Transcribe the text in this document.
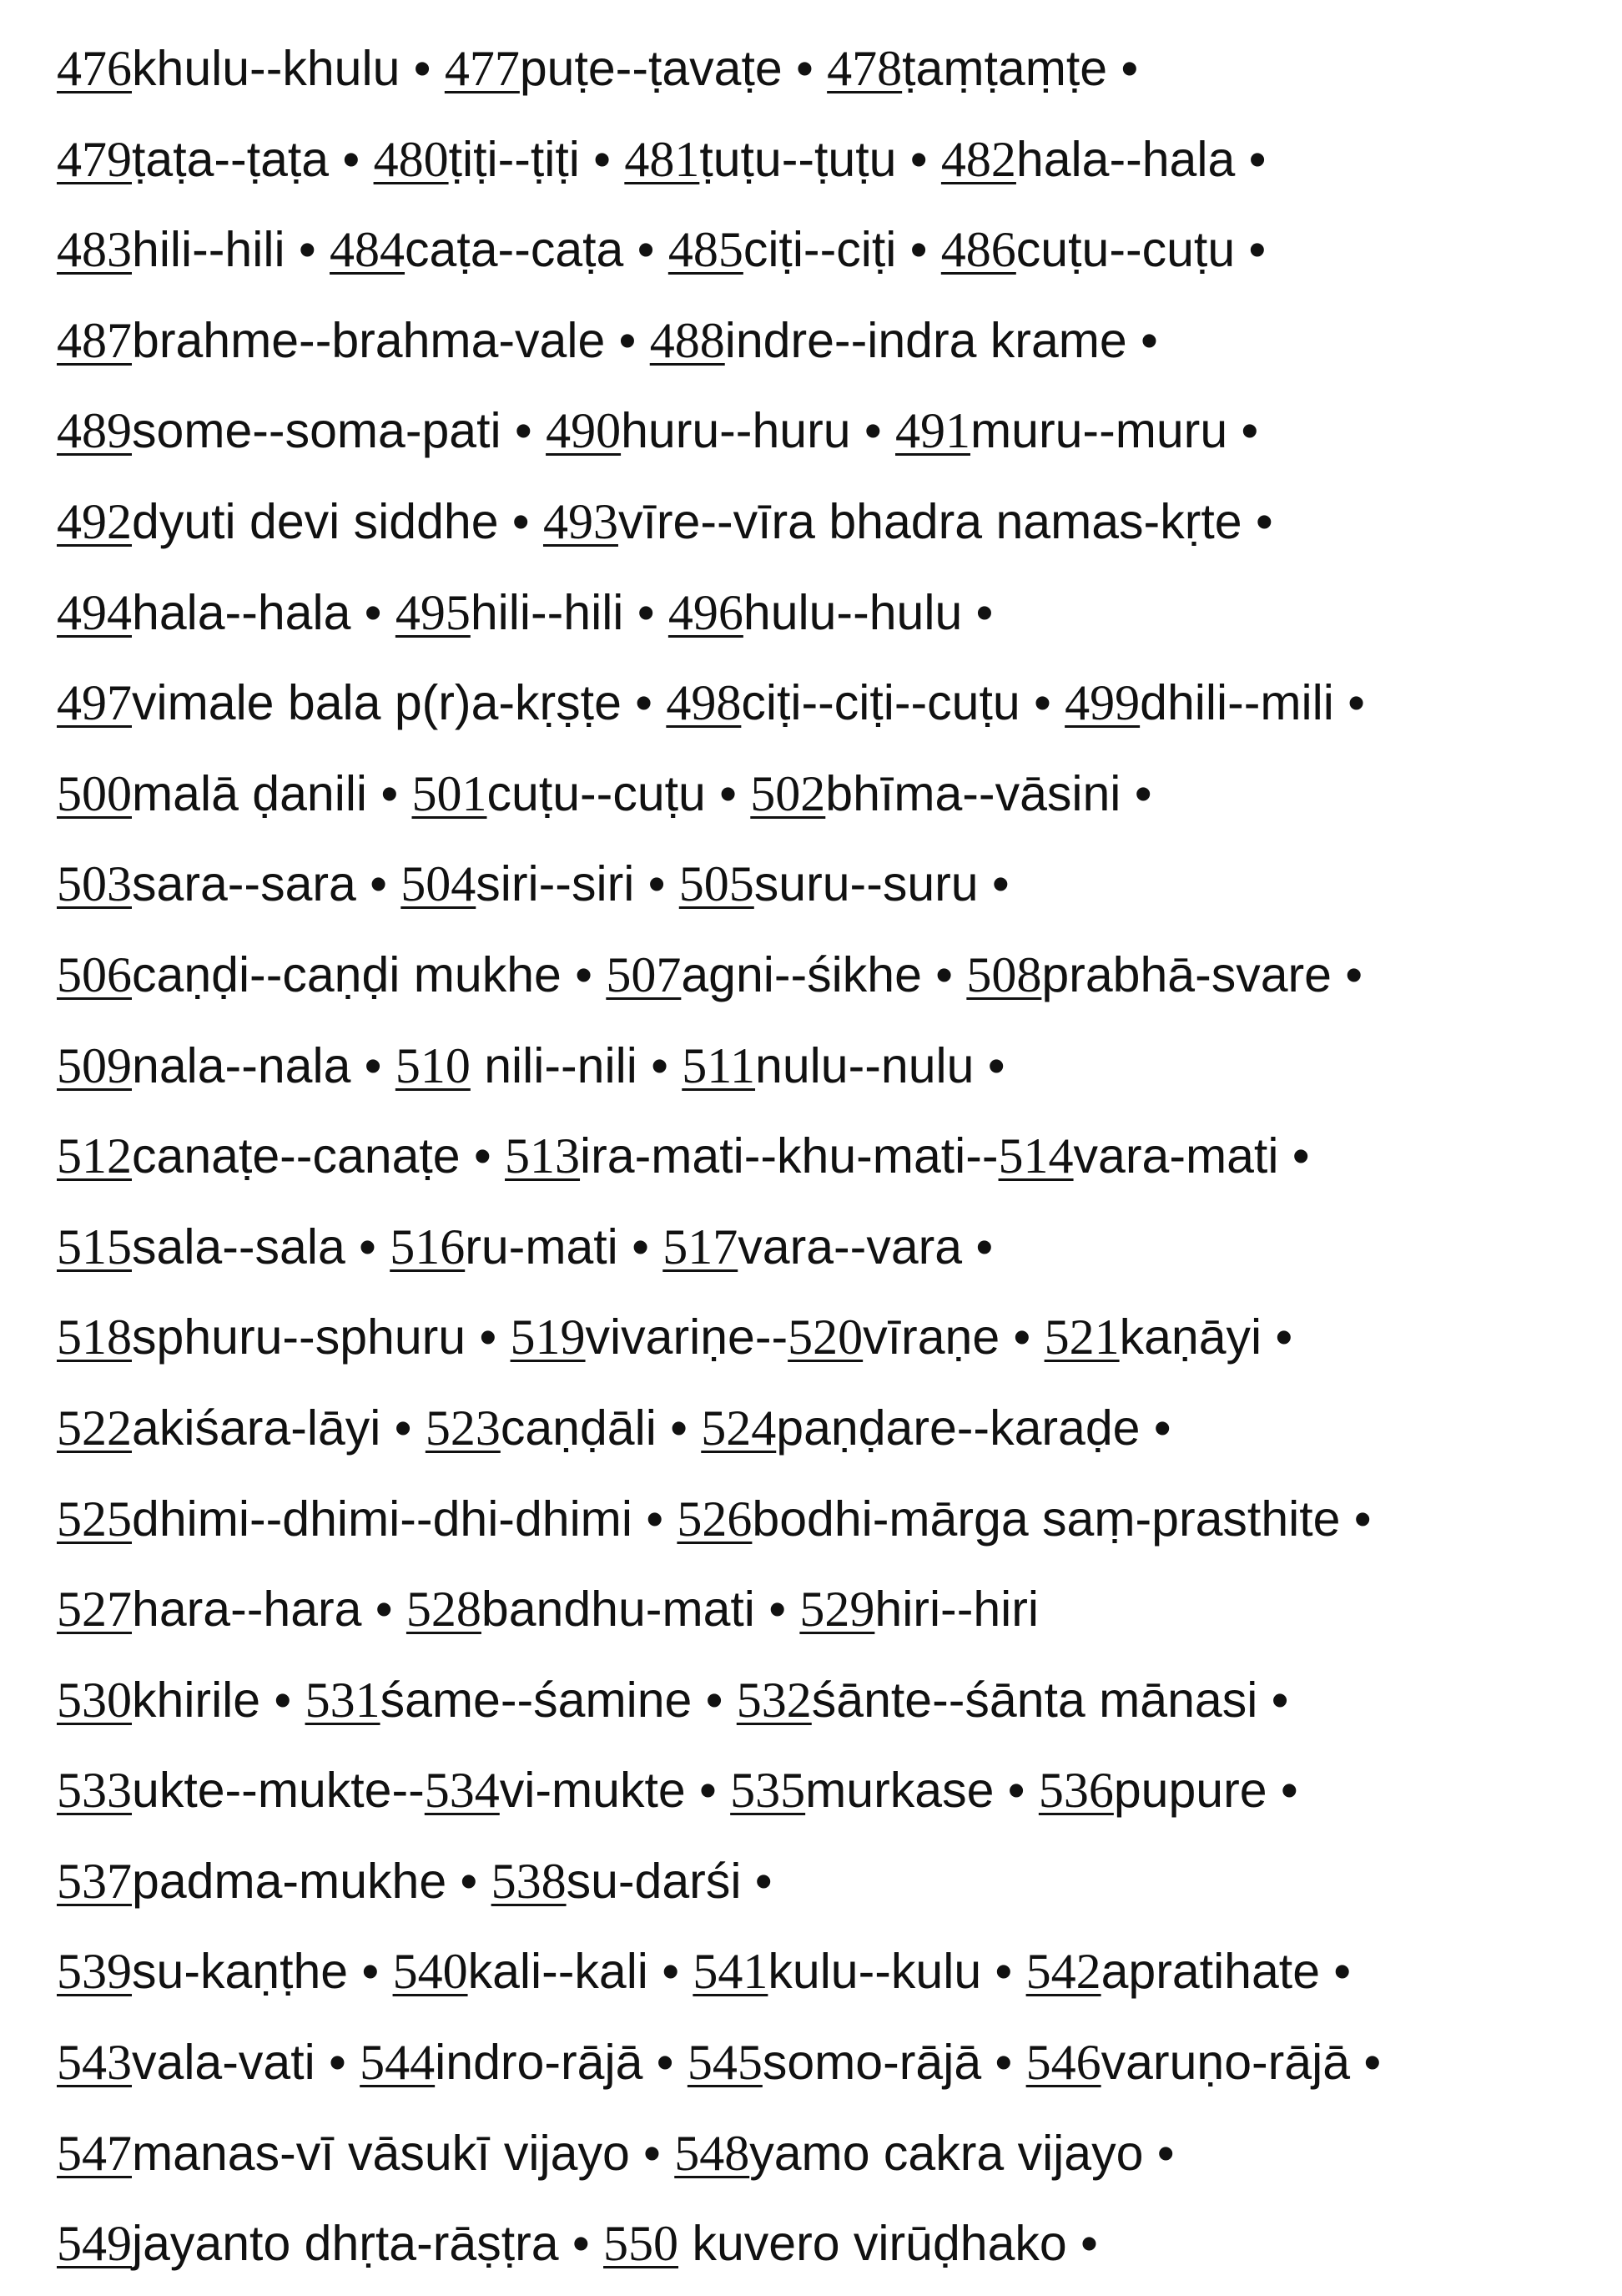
476khulu--khulu • 477puṭe--ṭavaṭe • 478ṭaṃṭaṃṭe •
479ṭaṭa--ṭaṭa • 480ṭiṭi--ṭiṭi • 481ṭuṭu--ṭuṭu • 482hala--hala •
483hili--hili • 484caṭa--caṭa • 485ciṭi--ciṭi • 486cuṭu--cuṭu •
487brahme--brahma-vale • 488indre--indra krame •
489some--soma-pati • 490huru--huru • 491muru--muru •
492dyuti devi siddhe • 493vīre--vīra bhadra namas-kṛte •
494hala--hala • 495hili--hili • 496hulu--hulu •
497vimale bala p(r)a-kṛṣṭe • 498ciṭi--ciṭi--cuṭu • 499dhili--mili •
500malā ḍanili • 501cuṭu--cuṭu • 502bhīma--vāsini •
503sara--sara • 504siri--siri • 505suru--suru •
506caṇḍi--caṇḍi mukhe • 507agni--śikhe • 508prabhā-svare •
509nala--nala • 510 nili--nili • 511nulu--nulu •
512canaṭe--canaṭe • 513ira-mati--khu-mati--514vara-mati •
515sala--sala • 516ru-mati • 517vara--vara •
518sphuru--sphuru • 519vivariṇe--520vīraṇe • 521kaṇāyi •
522akiśara-lāyi • 523caṇḍāli • 524paṇḍare--karaḍe •
525dhimi--dhimi--dhi-dhimi • 526bodhi-mārga saṃ-prasthite •
527hara--hara • 528bandhu-mati • 529hiri--hiri
530khirile • 531śame--śamine • 532śānte--śānta mānasi •
533ukte--mukte--534vi-mukte • 535murkase • 536pupure •
537padma-mukhe • 538su-darśi •
539su-kaṇṭhe • 540kali--kali • 541kulu--kulu • 542apratihate •
543vala-vati • 544indro-rājā • 545somo-rājā • 546varuṇo-rājā •
547manas-vī vāsukī vijayo • 548yamo cakra vijayo •
549jayanto dhṛta-rāṣṭra • 550 kuvero virūḍhako •
